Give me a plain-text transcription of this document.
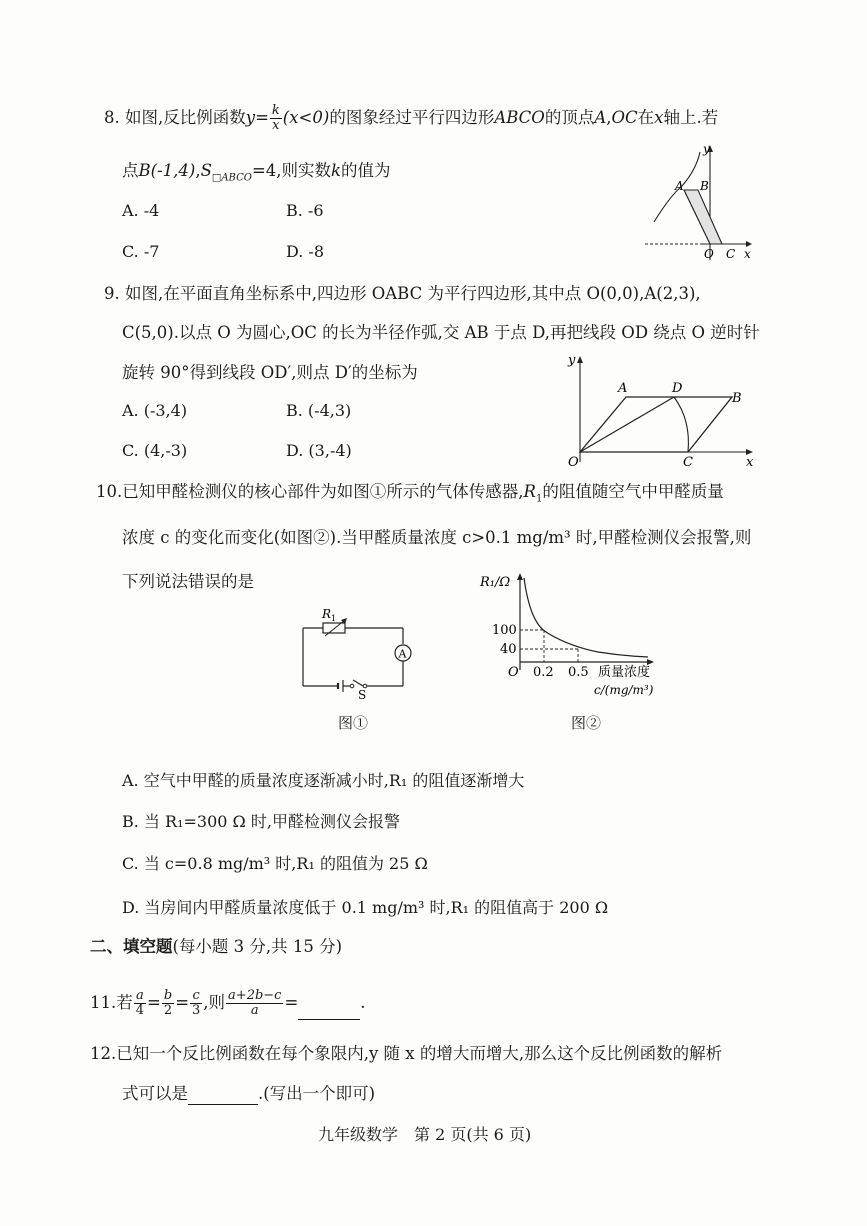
8. 如图,反比例函数$y= \frac{k}{x} (x<0)$的图象经过平行四边形ABCO的顶点A,OC在x轴上.若
点$B(-1,4),S_{□ABCO}=4$,则实数k的值为
A. -4	B. -6
C. -7	D. -8
y
A B
O C x
9. 如图,在平面直角坐标系中,四边形 OABC 为平行四边形,其中点 O(0,0),A(2,3),
C(5,0).以点 O 为圆心,OC 的长为半径作弧,交 AB 于点 D,再把线段 OD 绕点 O 逆时针
旋转 90°得到线段 OD′,则点 D′的坐标为
A. (-3,4)	B. (-4,3)
C. (4,-3)	D. (3,-4)
y
A	D
B
O	C	x
10.已知甲醛检测仪的核心部件为如图①所示的气体传感器$,R_1$的阻值随空气中甲醛质量
浓度 c 的变化而变化(如图②).当甲醛质量浓度 c>0.1 mg/m³ 时,甲醛检测仪会报警,则
下列说法错误的是
A
$R_1$
S
图①
R₁/Ω
100
40
O 0.2 0.5 质量浓度
c/(mg/m³)
图②
A. 空气中甲醛的质量浓度逐渐减小时,R₁ 的阻值逐渐增大
B. 当 R₁=300 Ω 时,甲醛检测仪会报警
C. 当 c=0.8 mg/m³ 时,R₁ 的阻值为 25 Ω
D. 当房间内甲醛质量浓度低于 0.1 mg/m³ 时,R₁ 的阻值高于 200 Ω
二、填空题(每小题 3 分,共 15 分)
11.若 $\frac{a}{4} = \frac{b}{2} = \frac{c}{3}$ ,则 $\frac{a+2b-c}{a}$ =	.
12.已知一个反比例函数在每个象限内,y 随 x 的增大而增大,那么这个反比例函数的解析
式可以是	.(写出一个即可)
九年级数学　第 2 页(共 6 页)
